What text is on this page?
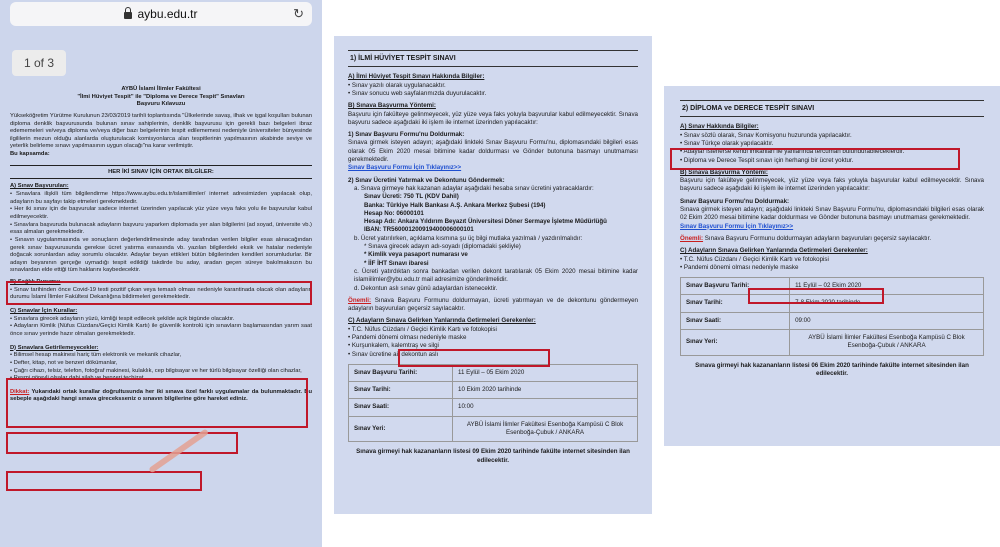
aybu.edu.tr	↻
1 of 3
AYBÜ İslami İlimler Fakültesi
"İlmi Hüviyet Tespit" ile "Diploma ve Derece Tespit" Sınavları
Başvuru Kılavuzu
Yükseköğretim Yürütme Kurulunun 23/03/2019 tarihli toplantısında "Ülkelerinde savaş, ilhak ve işgal koşulları bulunan diploma denklik başvurusunda bulunan sınav sahiplerinin, denklik başvurusu için gerekli bazı belgeleri ibraz edememeleri ve/veya diploma ve/veya diğer bazı belgelerinin tespit edilememesi nedeniyle üniversiteler bünyesinde ilgililerin mezun olduğu alanlarda oluşturulacak komisyonlarca alan tespitlerinin yapılmasının akabinde seviye ve yeterlik belirleme sınavı yapılmasının uygun olacağı"na karar verilmiştir.
Bu kapsamda:
HER İKİ SINAV İÇİN ORTAK BİLGİLER:
A) Sınav Başvuruları:
• Sınavlara ilişkili tüm bilgilendirme https://www.aybu.edu.tr/islamiilimler/ internet adresimizden yapılacak olup, adayların bu sayfayı takip etmeleri gerekmektedir.
• Her iki sınav için de başvurular sadece internet üzerinden yapılacak yüz yüze veya faks yolu ile başvurular kabul edilmeyecektir.
• Sınavlara başvuruda bulunacak adayların başvuru yaparken diplomada yer alan bilgilerini (ad soyad, üniversite vb.) esas almaları gerekmektedir.
• Sınavın uygulanmasında ve sonuçların değerlendirilmesinde aday tarafından verilen bilgiler esas alınacağından gerek sınav başvurusunda gerekse ücret yatırma esnasında vb. yazılan bilgilerdeki eksik ve hatalar nedeniyle doğacak sorunlardan aday sorumlu olacaktır. Adaylar beyan ettikleri bütün bilgilerinden kendileri sorumludurlar. Bir adayın beyanının gerçeğe uymadığı tespit edildiği takdirde bu aday, aradan geçen süreye bakılmaksızın bu sınavlardan elde ettiği tüm haklarını kaybedecektir.
B) Sağlık Durumu:
• Sınav tarihinden önce Covid-19 testi pozitif çıkan veya temaslı olması nedeniyle karantinada olacak olan adayların durumu İslami İlimler Fakültesi Dekanlığına bildirmeleri gerekmektedir.
C) Sınavlar İçin Kurallar:
• Sınavlara girecek adayların yüzü, kimliği tespit edilecek şekilde açık bigünde olacaktır.
• Adayların Kimlik (Nüfus Cüzdanı/Geçici Kimlik Kartı) ile güvenlik kontrolü için sınavların başlamasından yarım saat önce sınav yerinde hazır olmaları gerekmektedir.
D) Sınavlara Getirilemeyecekler:
• Bilimsel hesap makinesi hariç tüm elektronik ve mekanik cihazlar,
• Defter, kitap, not ve benzeri dökümanlar,
• Çağrı cihazı, telsiz, telefon, fotoğraf makinesi, kulaklık, cep bilgisayar ve her türlü bilgisayar özelliği olan cihazlar,
• Resmi görevli olsalar dahi silah ve benzeri teçhizat.
Dikkat: Yukarıdaki ortak kurallar doğrultusunda her iki sınava özel farklı uygulamalar da bulunmaktadır. Bu sebeple aşağıdaki hangi sınava gireceksseniz o sınavın bilgilerine göre hareket ediniz.
1) İLMİ HÜVİYET TESPİT SINAVI
A) İlmi Hüviyet Tespit Sınavı Hakkında Bilgiler:
• Sınav yazılı olarak uygulanacaktır.
• Sınav sonucu web sayfalarımızda duyurulacaktır.
B) Sınava Başvurma Yöntemi:
Başvuru için fakülteye gelinmeyecek, yüz yüze veya faks yoluyla başvurular kabul edilmeyecektir. Sınava başvuru sadece aşağıdaki iki işlem ile internet üzerinden yapılacaktır:
1) Sınav Başvuru Formu'nu Doldurmak:
Sınava girmek isteyen adayın; aşağıdaki linkteki Sınav Başvuru Formu'nu, diplomasındaki bilgileri esas olarak 05 Ekim 2020 mesai bitimine kadar doldurması ve Gönder butonuna basmayı unutmaması gerekmektedir.
Sınav Başvuru Formu İçin Tıklayınız>>
2) Sınav Ücretini Yatırmak ve Dekontunu Göndermek:
a. Sınava girmeye hak kazanan adaylar aşağıdaki hesaba sınav ücretini yatıracaklardır:
Sınav Ücreti: 750 TL (KDV Dahil)
Banka: Türkiye Halk Bankası A.Ş. Ankara Merkez Şubesi (194)
Hesap No: 06000101
Hesap Adı: Ankara Yıldırım Beyazıt Üniversitesi Döner Sermaye İşletme Müdürlüğü
IBAN: TR560001200919400006000101
b. Ücret yatırılırken, açıklama kısmına şu üç bilgi mutlaka yazılmalı / yazdırılmalıdır:
* Sınava girecek adayın adı-soyadı (diplomadaki şekliyle)
* Kimlik veya pasaport numarası ve
* İİF İHT Sınavı ibaresi
c. Ücreti yatırdıktan sonra bankadan verilen dekont taratılarak 05 Ekim 2020 mesai bitimine kadar islamiilimler@ybu.edu.tr mail adresimize gönderilmelidir.
d. Dekontun aslı sınav günü adaylardan istenecektir.
Önemli: Sınava Başvuru Formunu doldurmayan, ücreti yatırmayan ve de dekontunu göndermeyen adayların başvuruları geçersiz sayılacaktır.
C) Adayların Sınava Gelirken Yanlarında Getirmeleri Gerekenler:
• T.C. Nüfus Cüzdanı / Geçici Kimlik Kartı ve fotokopisi
• Pandemi dönemi olması nedeniyle maske
• Kurşunkalem, kalemtraş ve silgi
• Sınav ücretine ait dekontun aslı
Sınav Başvuru Tarihi:	11 Eylül – 05 Ekim 2020
Sınav Tarihi:	10 Ekim 2020 tarihinde
Sınav Saati:	10:00
Sınav Yeri:	AYBÜ İslami İlimler Fakültesi Esenboğa Kampüsü C Blok Esenboğa-Çubuk / ANKARA
Sınava girmeyi hak kazananların listesi 09 Ekim 2020 tarihinde fakülte internet sitesinden ilan edilecektir.
2) DİPLOMA ve DERECE TESPİT SINAVI
A) Sınav Hakkında Bilgiler:
• Sınav sözlü olarak, Sınav Komisyonu huzurunda yapılacaktır.
• Sınav Türkçe olarak yapılacaktır.
• Adaylar isterlerse kendi imkanları ile yanlarında tercüman bulundurabileceklerdir.
• Diploma ve Derece Tespit sınavı için herhangi bir ücret yoktur.
B) Sınava Başvurma Yöntemi:
Başvuru için fakülteye gelinmeyecek, yüz yüze veya faks yoluyla başvurular kabul edilmeyecektir. Sınava başvuru sadece aşağıdaki iki işlem ile internet üzerinden yapılacaktır:
Sınav Başvuru Formu'nu Doldurmak:
Sınava girmek isteyen adayın; aşağıdaki linkteki Sınav Başvuru Formu'nu, diplomasındaki bilgileri esas olarak 02 Ekim 2020 mesai bitimine kadar doldurması ve Gönder butonuna basmayı unutmaması gerekmektedir.
Sınav Başvuru Formu İçin Tıklayınız>>
Önemli: Sınava Başvuru Formunu doldurmayan adayların başvuruları geçersiz sayılacaktır.
C) Adayların Sınava Gelirken Yanlarında Getirmeleri Gerekenler:
• T.C. Nüfus Cüzdanı / Geçici Kimlik Kartı ve fotokopisi
• Pandemi dönemi olması nedeniyle maske
Sınav Başvuru Tarihi:	11 Eylül – 02 Ekim 2020
Sınav Tarihi:	7-8 Ekim 2020 tarihinde
Sınav Saati:	09:00
Sınav Yeri:	AYBÜ İslami İlimler Fakültesi Esenboğa Kampüsü C Blok Esenboğa-Çubuk / ANKARA
Sınava girmeyi hak kazananların listesi 06 Ekim 2020 tarihinde fakülte internet sitesinden ilan edilecektir.
